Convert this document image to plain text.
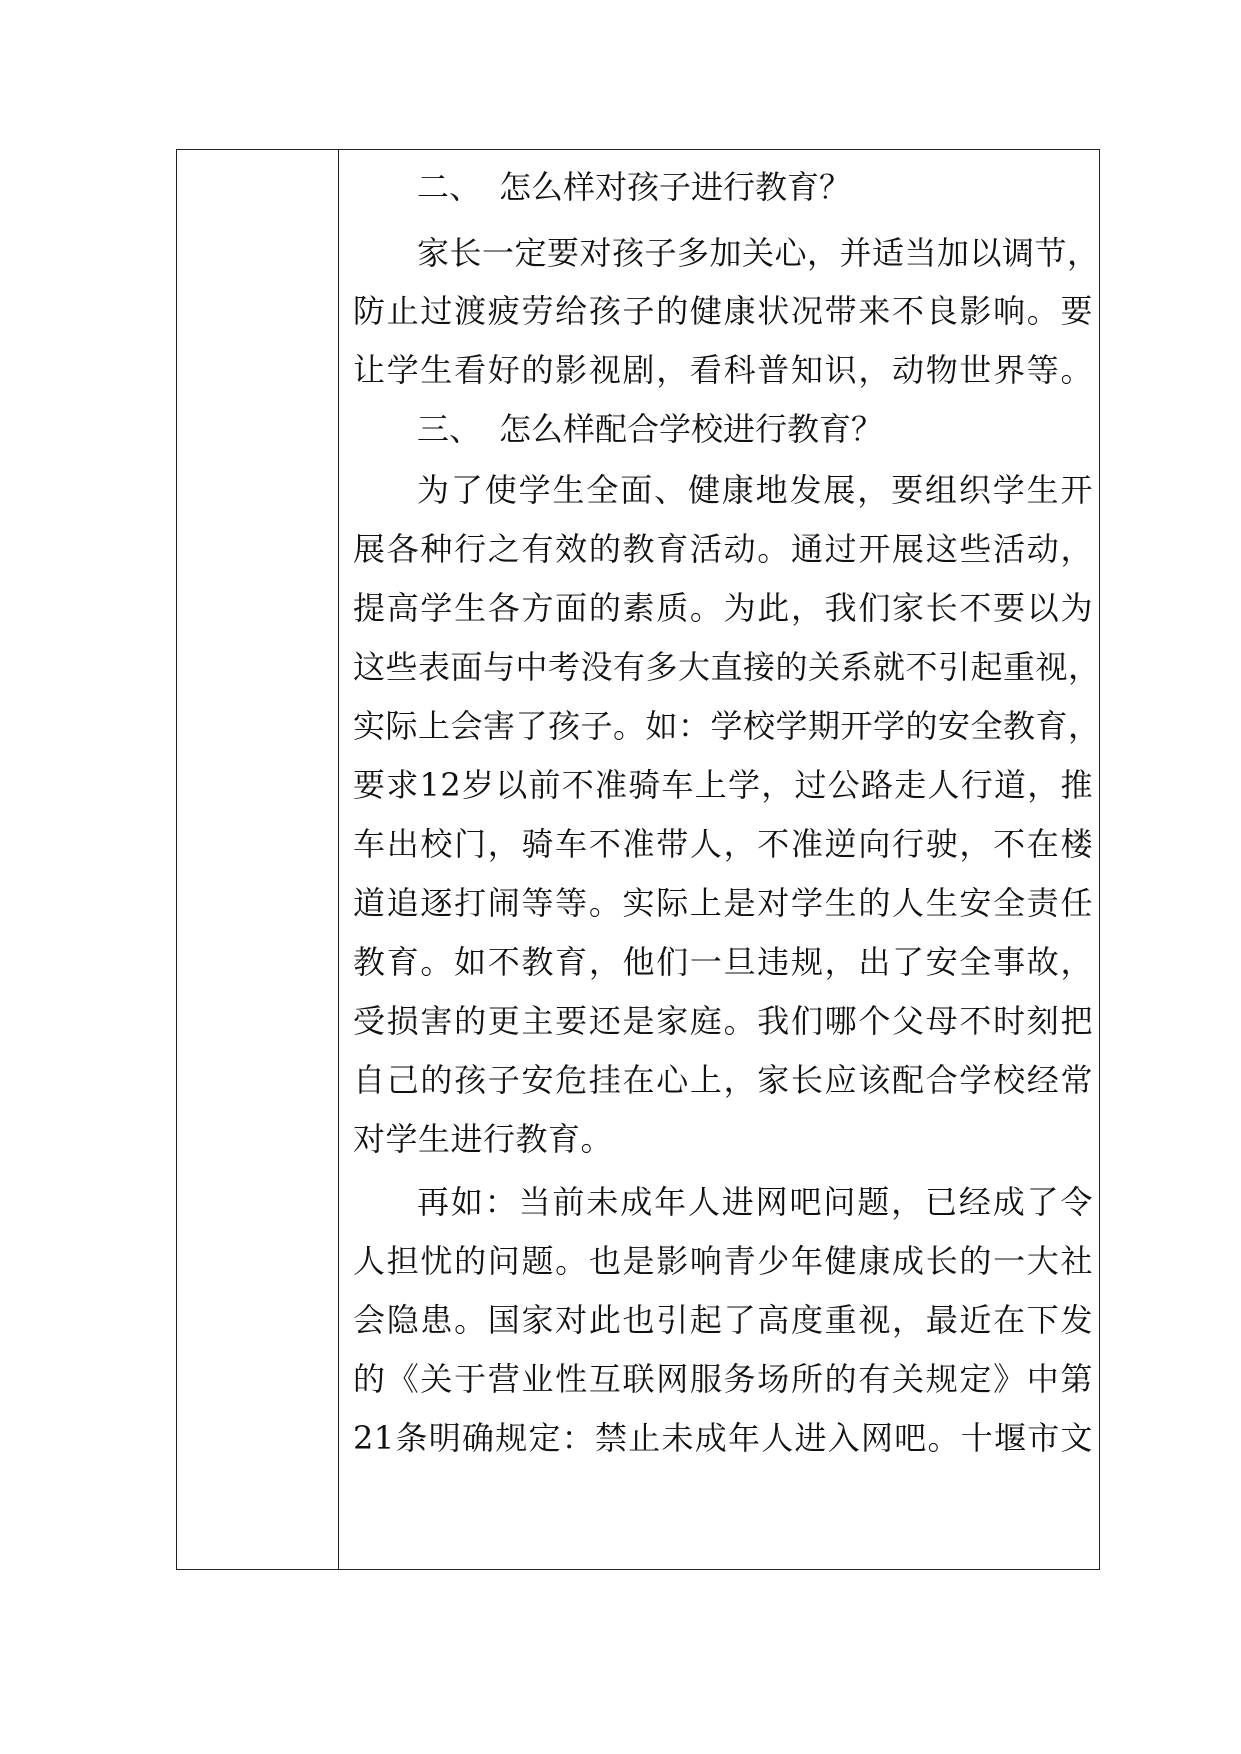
二、 怎么样对孩子进行教育？
家长一定要对孩子多加关心，并适当加以调节，
防止过渡疲劳给孩子的健康状况带来不良影响。要
让学生看好的影视剧，看科普知识，动物世界等。
三、 怎么样配合学校进行教育？
为了使学生全面、健康地发展，要组织学生开
展各种行之有效的教育活动。通过开展这些活动，
提高学生各方面的素质。为此，我们家长不要以为
这些表面与中考没有多大直接的关系就不引起重视，
实际上会害了孩子。如：学校学期开学的安全教育，
要求12岁以前不准骑车上学，过公路走人行道，推
车出校门，骑车不准带人，不准逆向行驶，不在楼
道追逐打闹等等。实际上是对学生的人生安全责任
教育。如不教育，他们一旦违规，出了安全事故，
受损害的更主要还是家庭。我们哪个父母不时刻把
自己的孩子安危挂在心上，家长应该配合学校经常
对学生进行教育。
再如：当前未成年人进网吧问题，已经成了令
人担忧的问题。也是影响青少年健康成长的一大社
会隐患。国家对此也引起了高度重视，最近在下发
的《关于营业性互联网服务场所的有关规定》中第
21条明确规定：禁止未成年人进入网吧。十堰市文
